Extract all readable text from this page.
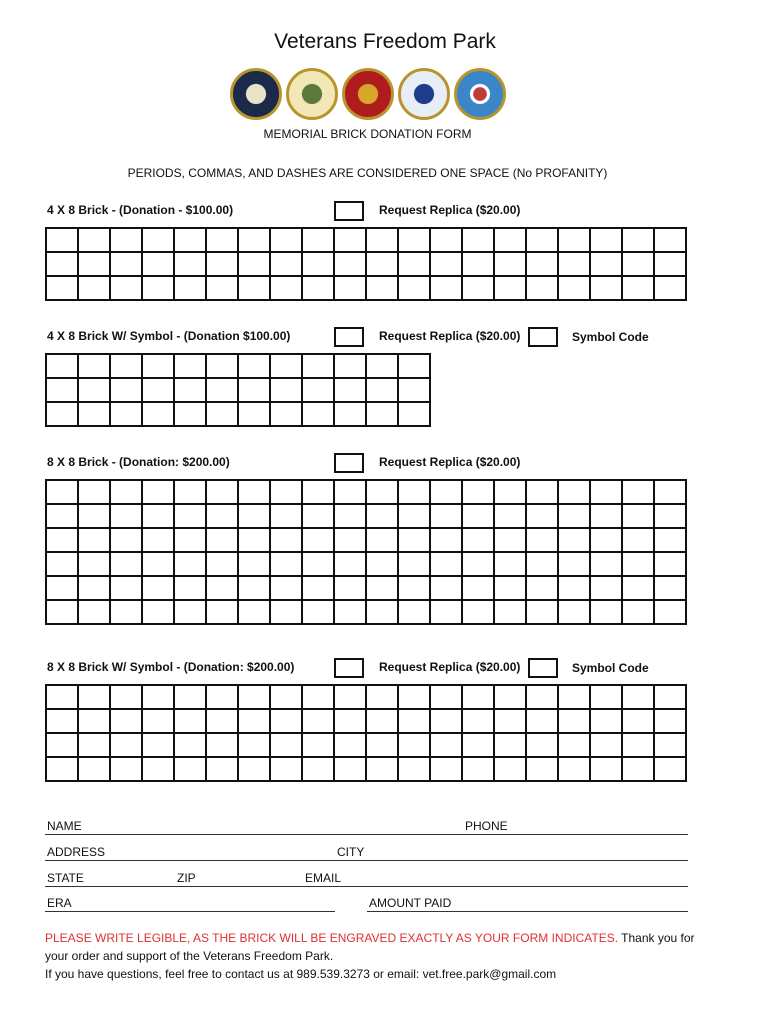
Veterans Freedom Park
MEMORIAL BRICK DONATION FORM
PERIODS, COMMAS, AND DASHES ARE CONSIDERED ONE SPACE (No PROFANITY)
4 X 8 Brick - (Donation - $100.00)	Request Replica ($20.00)

4 X 8 Brick W/ Symbol - (Donation $100.00)	Request Replica ($20.00)	Symbol Code

8 X 8 Brick - (Donation: $200.00)	Request Replica ($20.00)

8 X 8 Brick W/ Symbol - (Donation: $200.00)	Request Replica ($20.00)	Symbol Code

NAME	PHONE
ADDRESS	CITY
STATE	ZIP	EMAIL
ERA	AMOUNT PAID
PLEASE WRITE LEGIBLE, AS THE BRICK WILL BE ENGRAVED EXACTLY AS YOUR FORM INDICATES. Thank you for your order and support of the Veterans Freedom Park.
If you have questions, feel free to contact us at 989.539.3273 or email: vet.free.park@gmail.com
